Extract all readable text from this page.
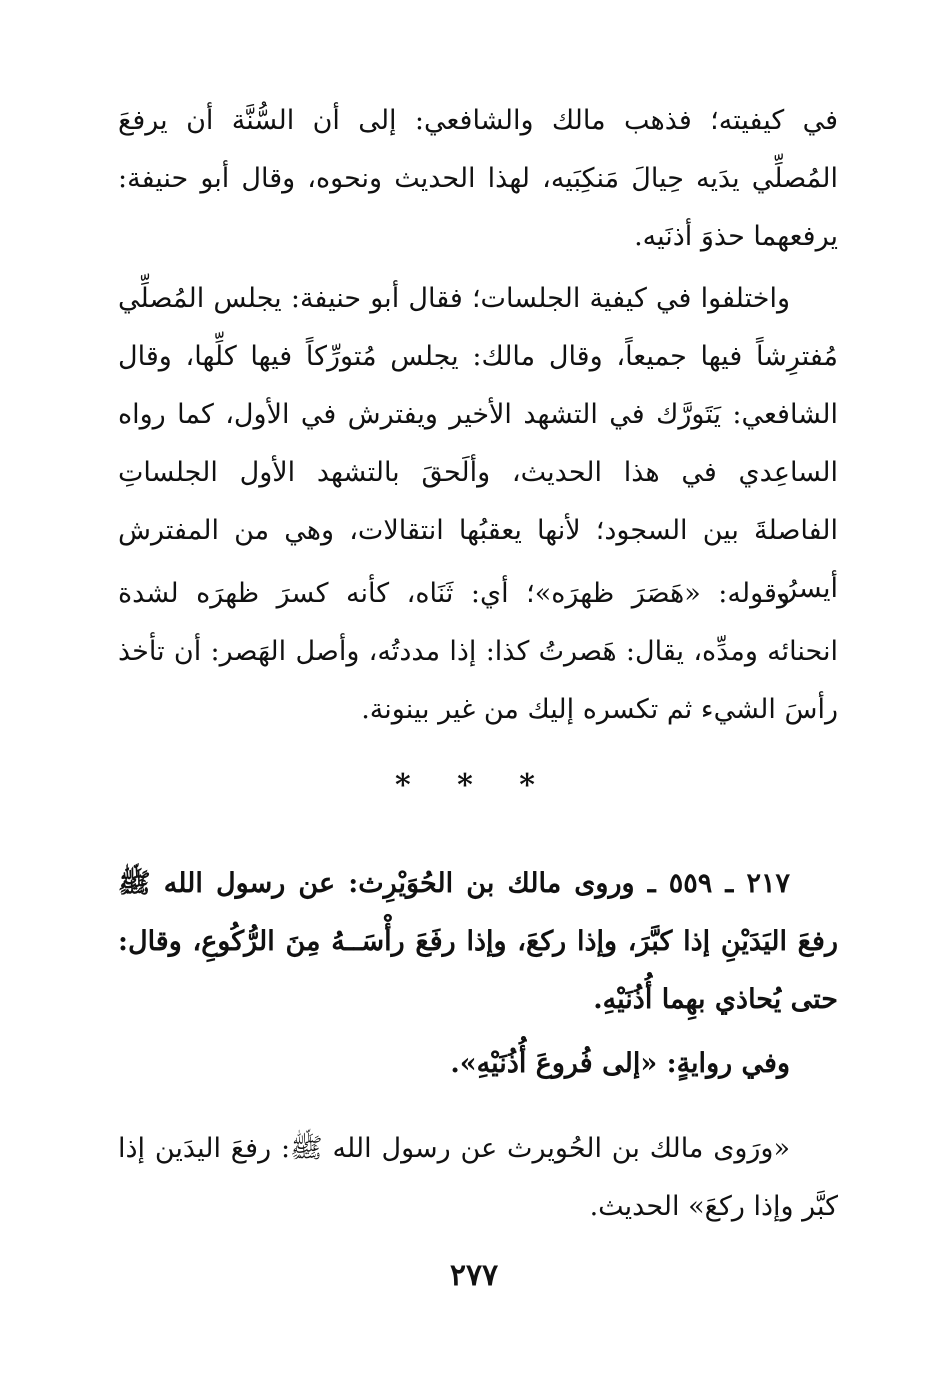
في كيفيته؛ فذهب مالك والشافعي: إلى أن السُّنَّة أن يرفعَ المُصلِّي يدَيه حِيالَ مَنكِبَيه، لهذا الحديث ونحوه، وقال أبو حنيفة: يرفعهما حذوَ أذنَيه.

واختلفوا في كيفية الجلسات؛ فقال أبو حنيفة: يجلس المُصلِّي مُفترِشاً فيها جميعاً، وقال مالك: يجلس مُتورِّكاً فيها كلِّها، وقال الشافعي: يَتَورَّك في التشهد الأخير ويفترش في الأول، كما رواه الساعِدي في هذا الحديث، وألَحقَ بالتشهد الأول الجلساتِ الفاصلةَ بين السجود؛ لأنها يعقبُها انتقالات، وهي من المفترش أيسرُ.

وقوله: «هَصَرَ ظهرَه»؛ أي: ثَنَاه، كأنه كسرَ ظهرَه لشدة انحنائه ومدِّه، يقال: هَصرتُ كذا: إذا مددتُه، وأصل الهَصر: أن تأخذ رأسَ الشيء ثم تكسره إليك من غير بينونة.

* * *

٢١٧ ـ ٥٥٩ ـ وروى مالك بن الحُوَيْرِث: عن رسول الله ﷺ رفعَ اليَدَيْنِ إذا كبَّرَ، وإذا ركعَ، وإذا رفَعَ رأْسَــهُ مِنَ الرُّكُوعِ، وقال: حتى يُحاذي بهِما أُذُنَيْهِ.

وفي روايةٍ: «إلى فُروعَ أُذُنَيْهِ».

«ورَوى مالك بن الحُويرث عن رسول الله ﷺ: رفعَ اليدَين إذا كبَّر وإذا ركعَ» الحديث.

٢٧٧
